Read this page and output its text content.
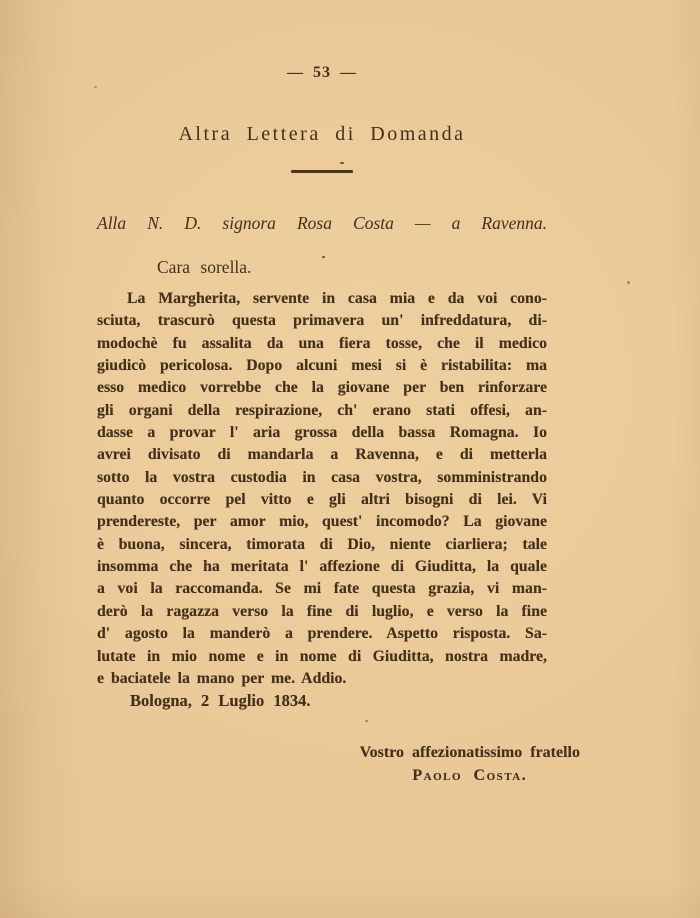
— 53 —
Altra Lettera di Domanda
Alla N. D. signora Rosa Costa — a Ravenna.
Cara sorella.
La Margherita, servente in casa mia e da voi cono-
sciuta, trascurò questa primavera un' infreddatura, di-
modochè fu assalita da una fiera tosse, che il medico
giudicò pericolosa. Dopo alcuni mesi si è ristabilita: ma
esso medico vorrebbe che la giovane per ben rinforzare
gli organi della respirazione, ch' erano stati offesi, an-
dasse a provar l' aria grossa della bassa Romagna. Io
avrei divisato di mandarla a Ravenna, e di metterla
sotto la vostra custodia in casa vostra, somministrando
quanto occorre pel vitto e gli altri bisogni di lei. Vi
prendereste, per amor mio, quest' incomodo? La giovane
è buona, sincera, timorata di Dio, niente ciarliera; tale
insomma che ha meritata l' affezione di Giuditta, la quale
a voi la raccomanda. Se mi fate questa grazia, vi man-
derò la ragazza verso la fine di luglio, e verso la fine
d' agosto la manderò a prendere. Aspetto risposta. Sa-
lutate in mio nome e in nome di Giuditta, nostra madre,
e baciatele la mano per me. Addio.
Bologna, 2 Luglio 1834.
Vostro affezionatissimo fratello
Paolo Costa.
